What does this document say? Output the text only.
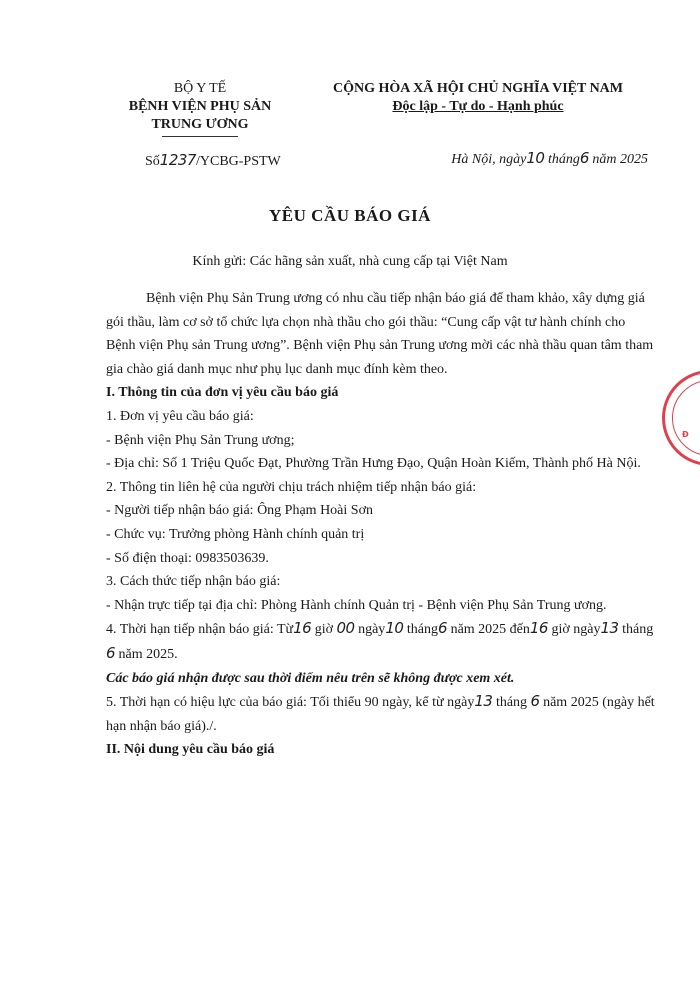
BỘ Y TẾ
BỆNH VIỆN PHỤ SẢN
TRUNG ƯƠNG
CỘNG HÒA XÃ HỘI CHỦ NGHĨA VIỆT NAM
Độc lập - Tự do - Hạnh phúc
Số1237/YCBG-PSTW	Hà Nội, ngày10 tháng6 năm 2025
YÊU CẦU BÁO GIÁ
Kính gửi: Các hãng sản xuất, nhà cung cấp tại Việt Nam

Bệnh viện Phụ Sản Trung ương có nhu cầu tiếp nhận báo giá để tham khảo, xây dựng giá gói thầu, làm cơ sở tổ chức lựa chọn nhà thầu cho gói thầu: “Cung cấp vật tư hành chính cho Bệnh viện Phụ sản Trung ương”. Bệnh viện Phụ sản Trung ương mời các nhà thầu quan tâm tham gia chào giá danh mục như phụ lục danh mục đính kèm theo.

I. Thông tin của đơn vị yêu cầu báo giá

1. Đơn vị yêu cầu báo giá:

- Bệnh viện Phụ Sản Trung ương;

- Địa chỉ: Số 1 Triệu Quốc Đạt, Phường Trần Hưng Đạo, Quận Hoàn Kiếm, Thành phố Hà Nội.

2. Thông tin liên hệ của người chịu trách nhiệm tiếp nhận báo giá:

- Người tiếp nhận báo giá: Ông Phạm Hoài Sơn

- Chức vụ: Trưởng phòng Hành chính quản trị

- Số điện thoại: 0983503639.

3. Cách thức tiếp nhận báo giá:

- Nhận trực tiếp tại địa chỉ: Phòng Hành chính Quản trị - Bệnh viện Phụ Sản Trung ương.

4. Thời hạn tiếp nhận báo giá: Từ16 giờ 00 ngày10 tháng6 năm 2025 đến16 giờ ngày13 tháng 6 năm 2025.

Các báo giá nhận được sau thời điểm nêu trên sẽ không được xem xét.

5. Thời hạn có hiệu lực của báo giá: Tối thiểu 90 ngày, kể từ ngày13 tháng 6 năm 2025 (ngày hết hạn nhận báo giá)./.

II. Nội dung yêu cầu báo giá

Đ
